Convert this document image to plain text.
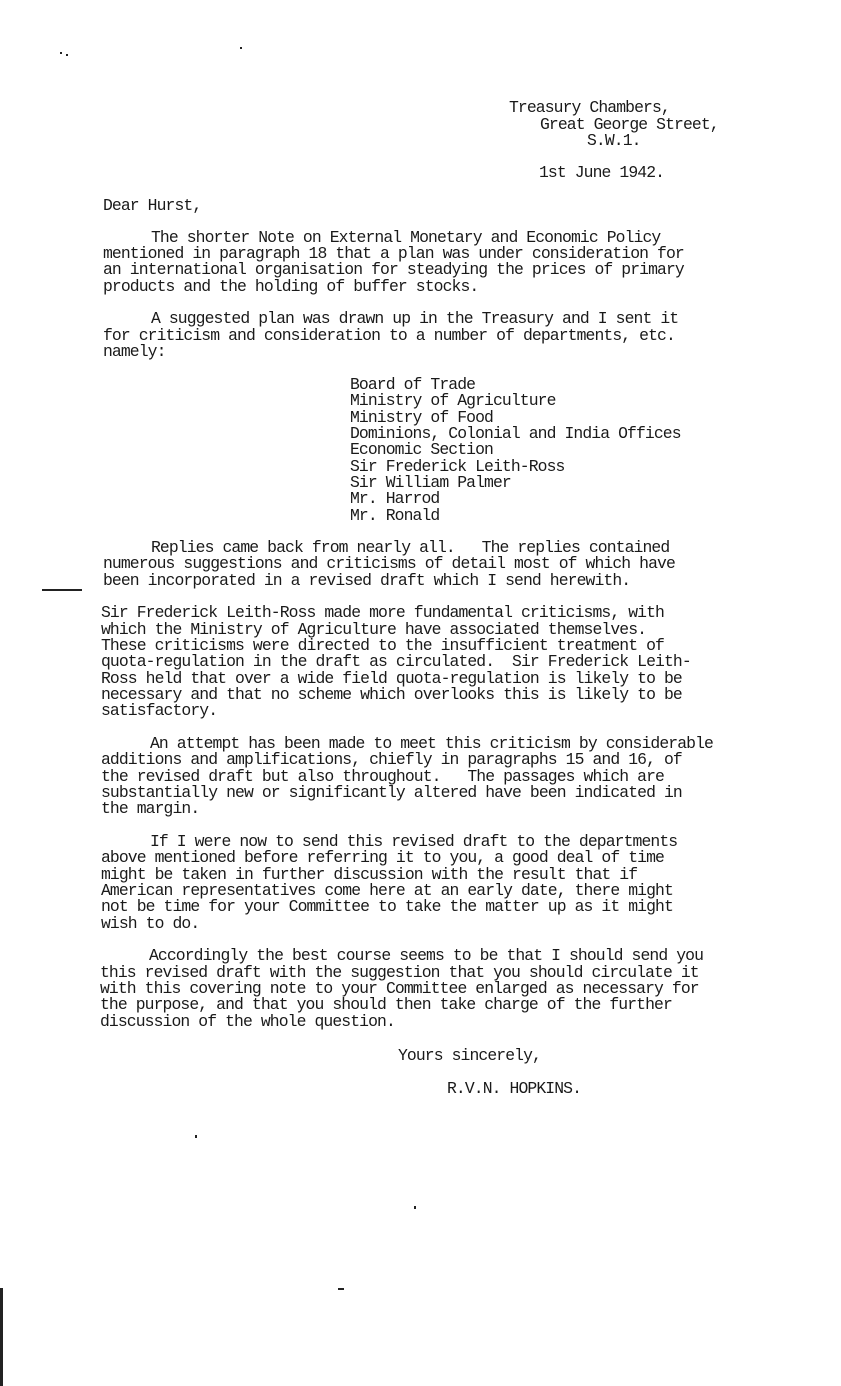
Treasury Chambers,
Great George Street,
S.W.1.
1st June 1942.
Dear Hurst,
The shorter Note on External Monetary and Economic Policy
mentioned in paragraph 18 that a plan was under consideration for
an international organisation for steadying the prices of primary
products and the holding of buffer stocks.
A suggested plan was drawn up in the Treasury and I sent it
for criticism and consideration to a number of departments, etc.
namely:
Board of Trade
Ministry of Agriculture
Ministry of Food
Dominions, Colonial and India Offices
Economic Section
Sir Frederick Leith-Ross
Sir William Palmer
Mr. Harrod
Mr. Ronald
Replies came back from nearly all.   The replies contained
numerous suggestions and criticisms of detail most of which have
been incorporated in a revised draft which I send herewith.
Sir Frederick Leith-Ross made more fundamental criticisms, with
which the Ministry of Agriculture have associated themselves.
These criticisms were directed to the insufficient treatment of
quota-regulation in the draft as circulated.  Sir Frederick Leith-
Ross held that over a wide field quota-regulation is likely to be
necessary and that no scheme which overlooks this is likely to be
satisfactory.
An attempt has been made to meet this criticism by considerable
additions and amplifications, chiefly in paragraphs 15 and 16, of
the revised draft but also throughout.   The passages which are
substantially new or significantly altered have been indicated in
the margin.
If I were now to send this revised draft to the departments
above mentioned before referring it to you, a good deal of time
might be taken in further discussion with the result that if
American representatives come here at an early date, there might
not be time for your Committee to take the matter up as it might
wish to do.
Accordingly the best course seems to be that I should send you
this revised draft with the suggestion that you should circulate it
with this covering note to your Committee enlarged as necessary for
the purpose, and that you should then take charge of the further
discussion of the whole question.
Yours sincerely,
R.V.N. HOPKINS.
